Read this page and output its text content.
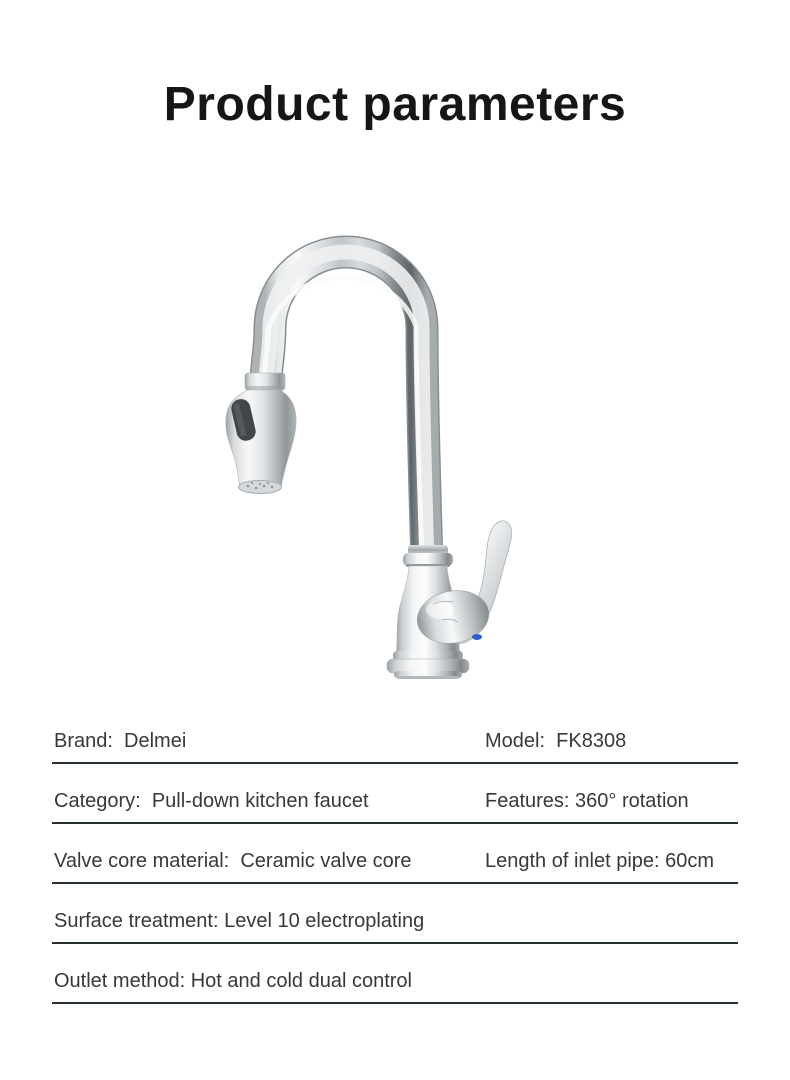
Product parameters
Brand:  Delmei	Model:  FK8308
Category:  Pull-down kitchen faucet	Features: 360° rotation
Valve core material:  Ceramic valve core	Length of inlet pipe: 60cm
Surface treatment: Level 10 electroplating
Outlet method: Hot and cold dual control
